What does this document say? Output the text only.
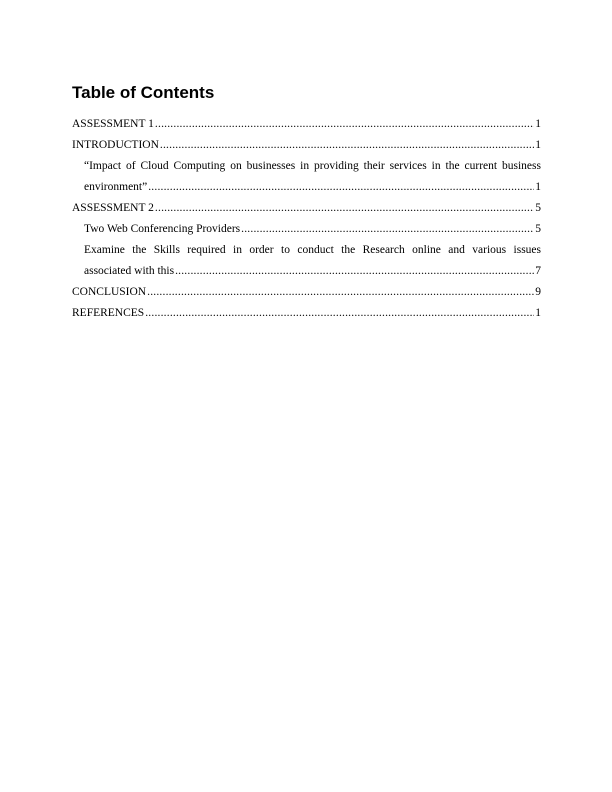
Table of Contents
ASSESSMENT 1 .....	1
INTRODUCTION .....	1
“Impact of Cloud Computing on businesses in providing their services in the current business
environment” .....	1
ASSESSMENT 2 .....	5
Two Web Conferencing Providers .....	5
Examine the Skills required in order to conduct the Research online and various issues
associated with this .....	7
CONCLUSION .....	9
REFERENCES .....	1
